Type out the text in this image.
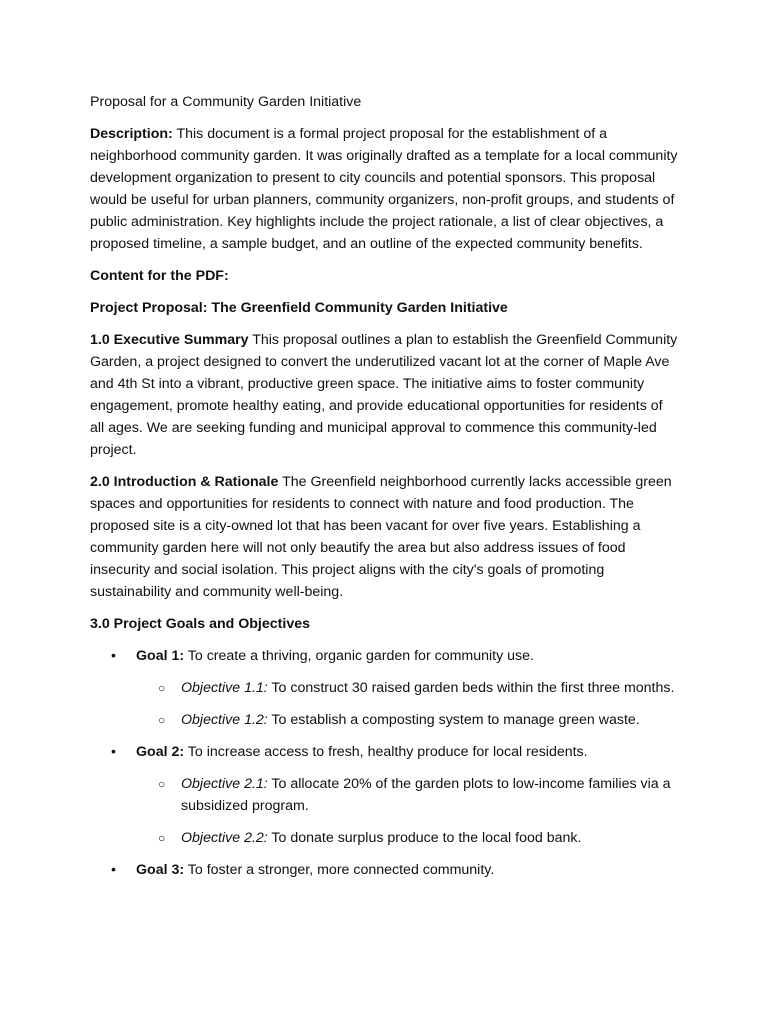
Proposal for a Community Garden Initiative

Description: This document is a formal project proposal for the establishment of a neighborhood community garden. It was originally drafted as a template for a local community development organization to present to city councils and potential sponsors. This proposal would be useful for urban planners, community organizers, non-profit groups, and students of public administration. Key highlights include the project rationale, a list of clear objectives, a proposed timeline, a sample budget, and an outline of the expected community benefits.

Content for the PDF:

Project Proposal: The Greenfield Community Garden Initiative

1.0 Executive Summary This proposal outlines a plan to establish the Greenfield Community Garden, a project designed to convert the underutilized vacant lot at the corner of Maple Ave and 4th St into a vibrant, productive green space. The initiative aims to foster community engagement, promote healthy eating, and provide educational opportunities for residents of all ages. We are seeking funding and municipal approval to commence this community-led project.

2.0 Introduction & Rationale The Greenfield neighborhood currently lacks accessible green spaces and opportunities for residents to connect with nature and food production. The proposed site is a city-owned lot that has been vacant for over five years. Establishing a community garden here will not only beautify the area but also address issues of food insecurity and social isolation. This project aligns with the city's goals of promoting sustainability and community well-being.

3.0 Project Goals and Objectives

• Goal 1: To create a thriving, organic garden for community use.
○ Objective 1.1: To construct 30 raised garden beds within the first three months.
○ Objective 1.2: To establish a composting system to manage green waste.
• Goal 2: To increase access to fresh, healthy produce for local residents.
○ Objective 2.1: To allocate 20% of the garden plots to low-income families via a subsidized program.
○ Objective 2.2: To donate surplus produce to the local food bank.
• Goal 3: To foster a stronger, more connected community.
